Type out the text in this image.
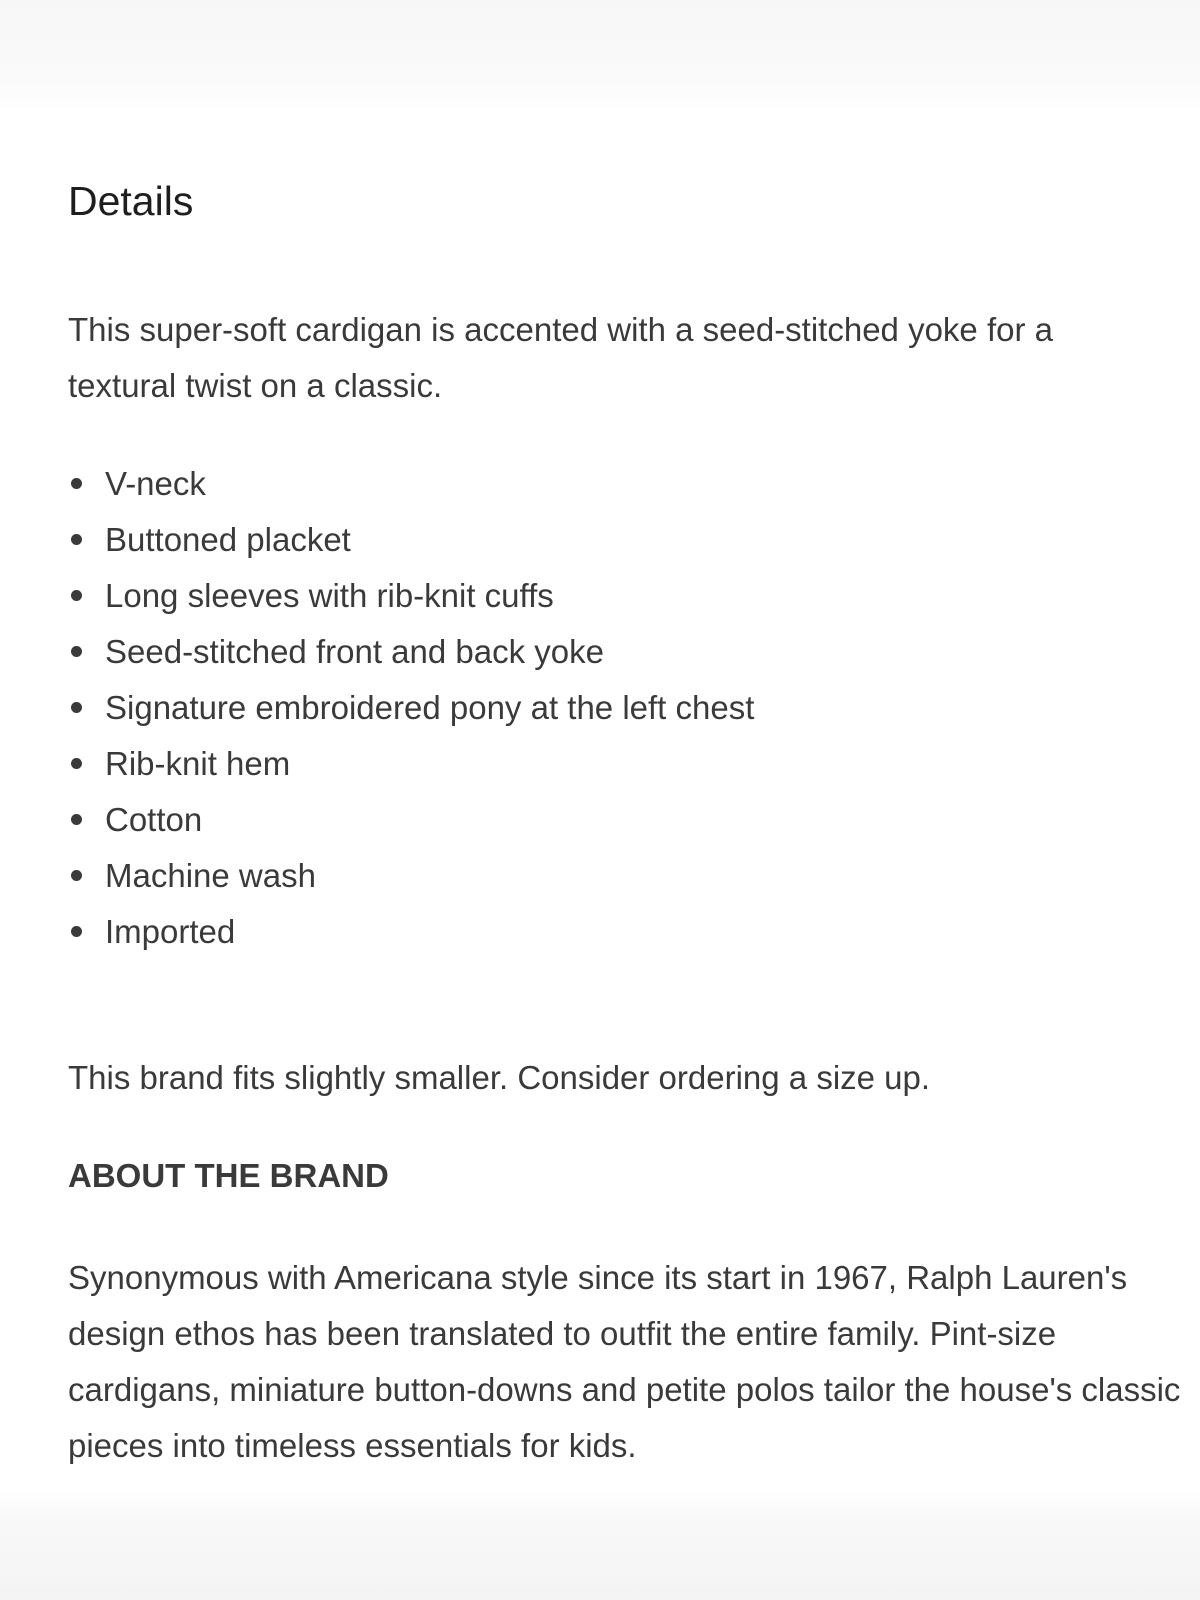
Details

This super-soft cardigan is accented with a seed-stitched yoke for a textural twist on a classic.

V-neck
Buttoned placket
Long sleeves with rib-knit cuffs
Seed-stitched front and back yoke
Signature embroidered pony at the left chest
Rib-knit hem
Cotton
Machine wash
Imported

This brand fits slightly smaller. Consider ordering a size up.

ABOUT THE BRAND

Synonymous with Americana style since its start in 1967, Ralph Lauren's design ethos has been translated to outfit the entire family. Pint-size cardigans, miniature button-downs and petite polos tailor the house's classic pieces into timeless essentials for kids.
